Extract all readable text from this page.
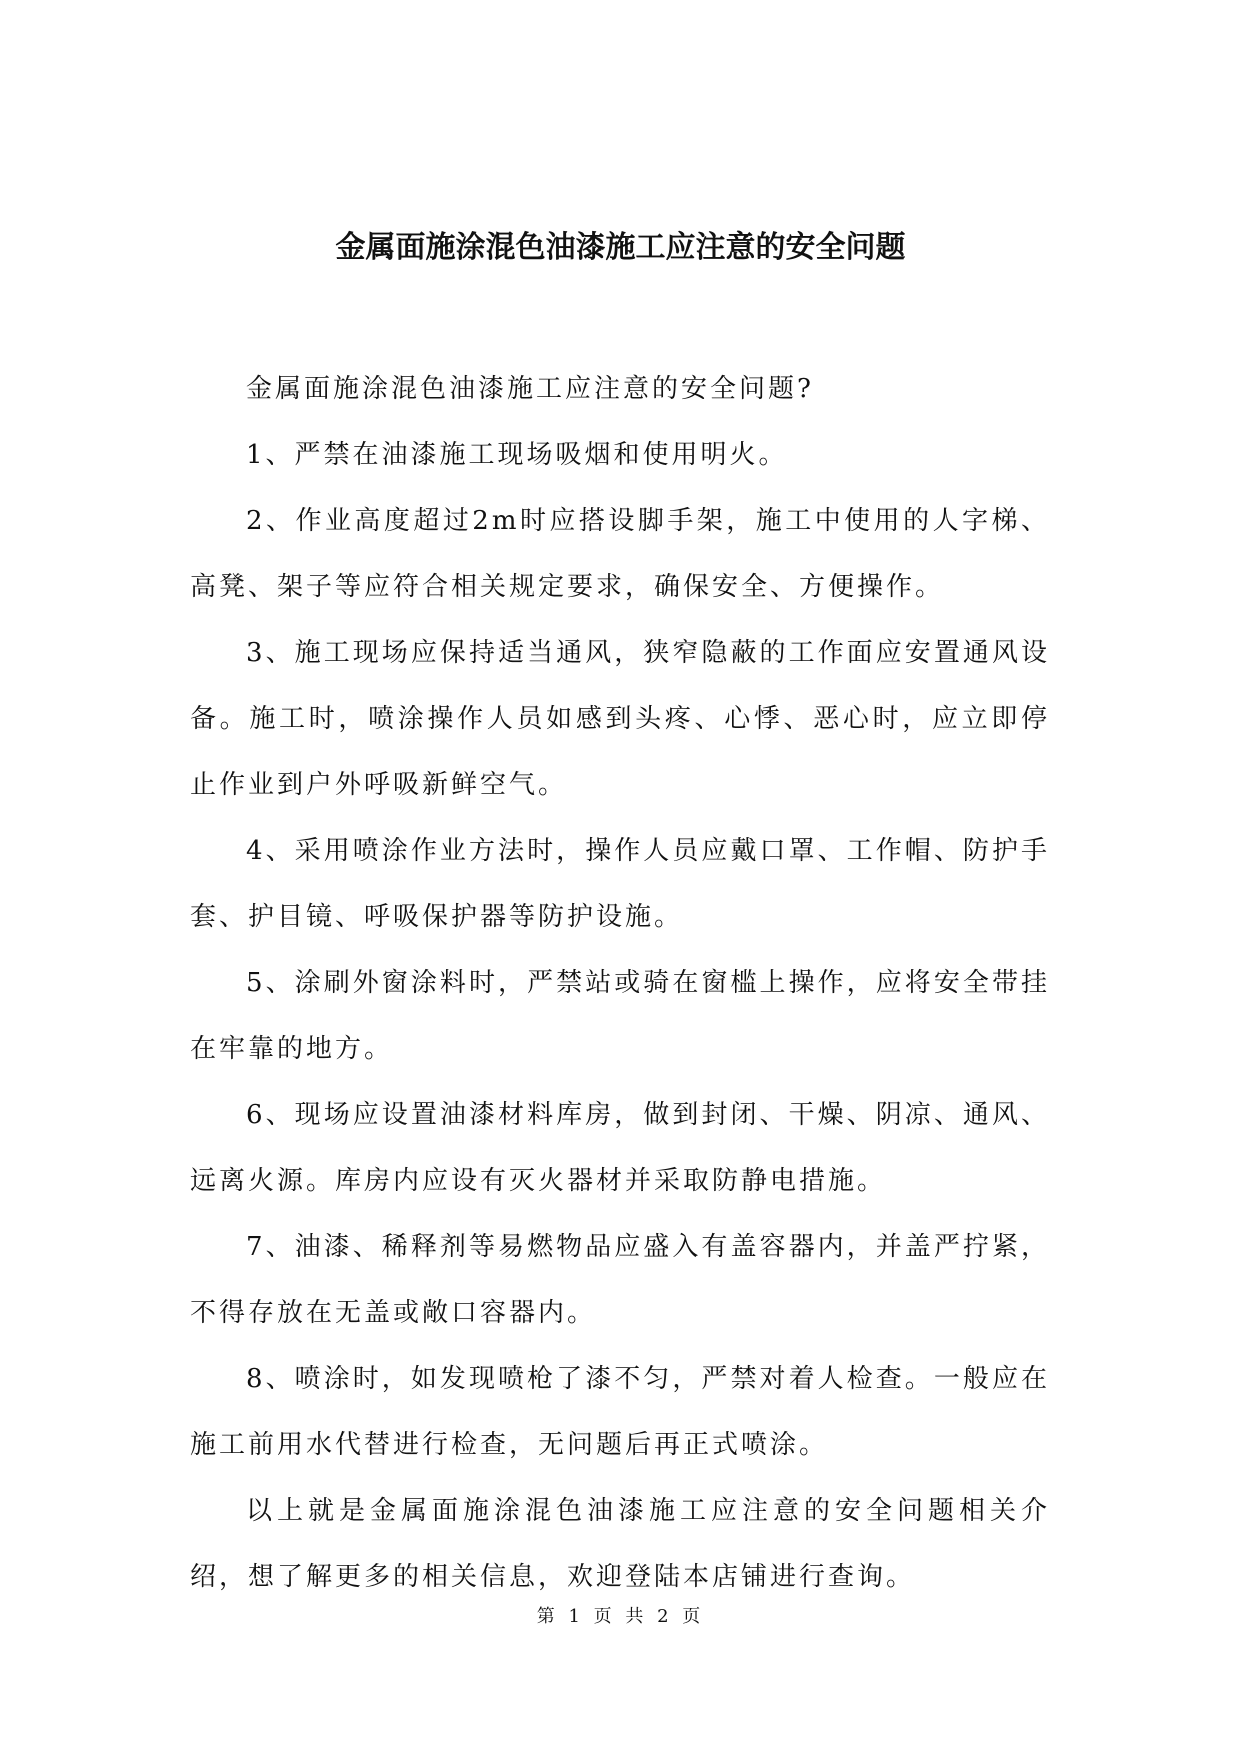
金属面施涂混色油漆施工应注意的安全问题

金属面施涂混色油漆施工应注意的安全问题?

1、严禁在油漆施工现场吸烟和使用明火。

2、作业高度超过2m时应搭设脚手架，施工中使用的人字梯、高凳、架子等应符合相关规定要求，确保安全、方便操作。

3、施工现场应保持适当通风，狭窄隐蔽的工作面应安置通风设备。施工时，喷涂操作人员如感到头疼、心悸、恶心时，应立即停止作业到户外呼吸新鲜空气。

4、采用喷涂作业方法时，操作人员应戴口罩、工作帽、防护手套、护目镜、呼吸保护器等防护设施。

5、涂刷外窗涂料时，严禁站或骑在窗槛上操作，应将安全带挂在牢靠的地方。

6、现场应设置油漆材料库房，做到封闭、干燥、阴凉、通风、远离火源。库房内应设有灭火器材并采取防静电措施。

7、油漆、稀释剂等易燃物品应盛入有盖容器内，并盖严拧紧，不得存放在无盖或敞口容器内。

8、喷涂时，如发现喷枪了漆不匀，严禁对着人检查。一般应在施工前用水代替进行检查，无问题后再正式喷涂。

以上就是金属面施涂混色油漆施工应注意的安全问题相关介绍，想了解更多的相关信息，欢迎登陆本店铺进行查询。

第 1 页 共 2 页
